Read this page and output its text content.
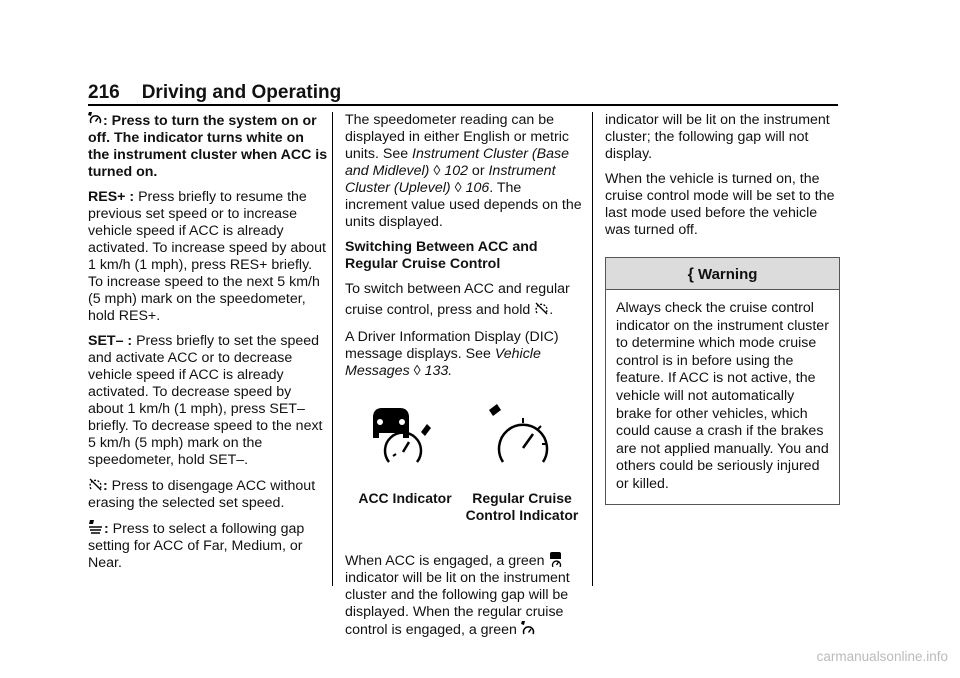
216 Driving and Operating

: Press to turn the system on or off. The indicator turns white on the instrument cluster when ACC is turned on.

RES+ : Press briefly to resume the previous set speed or to increase vehicle speed if ACC is already activated. To increase speed by about 1 km/h (1 mph), press RES+ briefly. To increase speed to the next 5 km/h (5 mph) mark on the speedometer, hold RES+.

SET– : Press briefly to set the speed and activate ACC or to decrease vehicle speed if ACC is already activated. To decrease speed by about 1 km/h (1 mph), press SET– briefly. To decrease speed to the next 5 km/h (5 mph) mark on the speedometer, hold SET–.

: Press to disengage ACC without erasing the selected set speed.

: Press to select a following gap setting for ACC of Far, Medium, or Near.

The speedometer reading can be displayed in either English or metric units. See Instrument Cluster (Base and Midlevel) ◊ 102 or Instrument Cluster (Uplevel) ◊ 106. The increment value used depends on the units displayed.

Switching Between ACC and Regular Cruise Control

To switch between ACC and regular cruise control, press and hold .

A Driver Information Display (DIC) message displays. See Vehicle Messages ◊ 133.

ACC Indicator	Regular Cruise
Control Indicator

When ACC is engaged, a green
indicator will be lit on the instrument cluster and the following gap will be displayed. When the regular cruise control is engaged, a green

indicator will be lit on the instrument cluster; the following gap will not display.

When the vehicle is turned on, the cruise control mode will be set to the last mode used before the vehicle was turned off.

{ Warning
Always check the cruise control indicator on the instrument cluster to determine which mode cruise control is in before using the feature. If ACC is not active, the vehicle will not automatically brake for other vehicles, which could cause a crash if the brakes are not applied manually. You and others could be seriously injured or killed.
carmanualsonline.info
